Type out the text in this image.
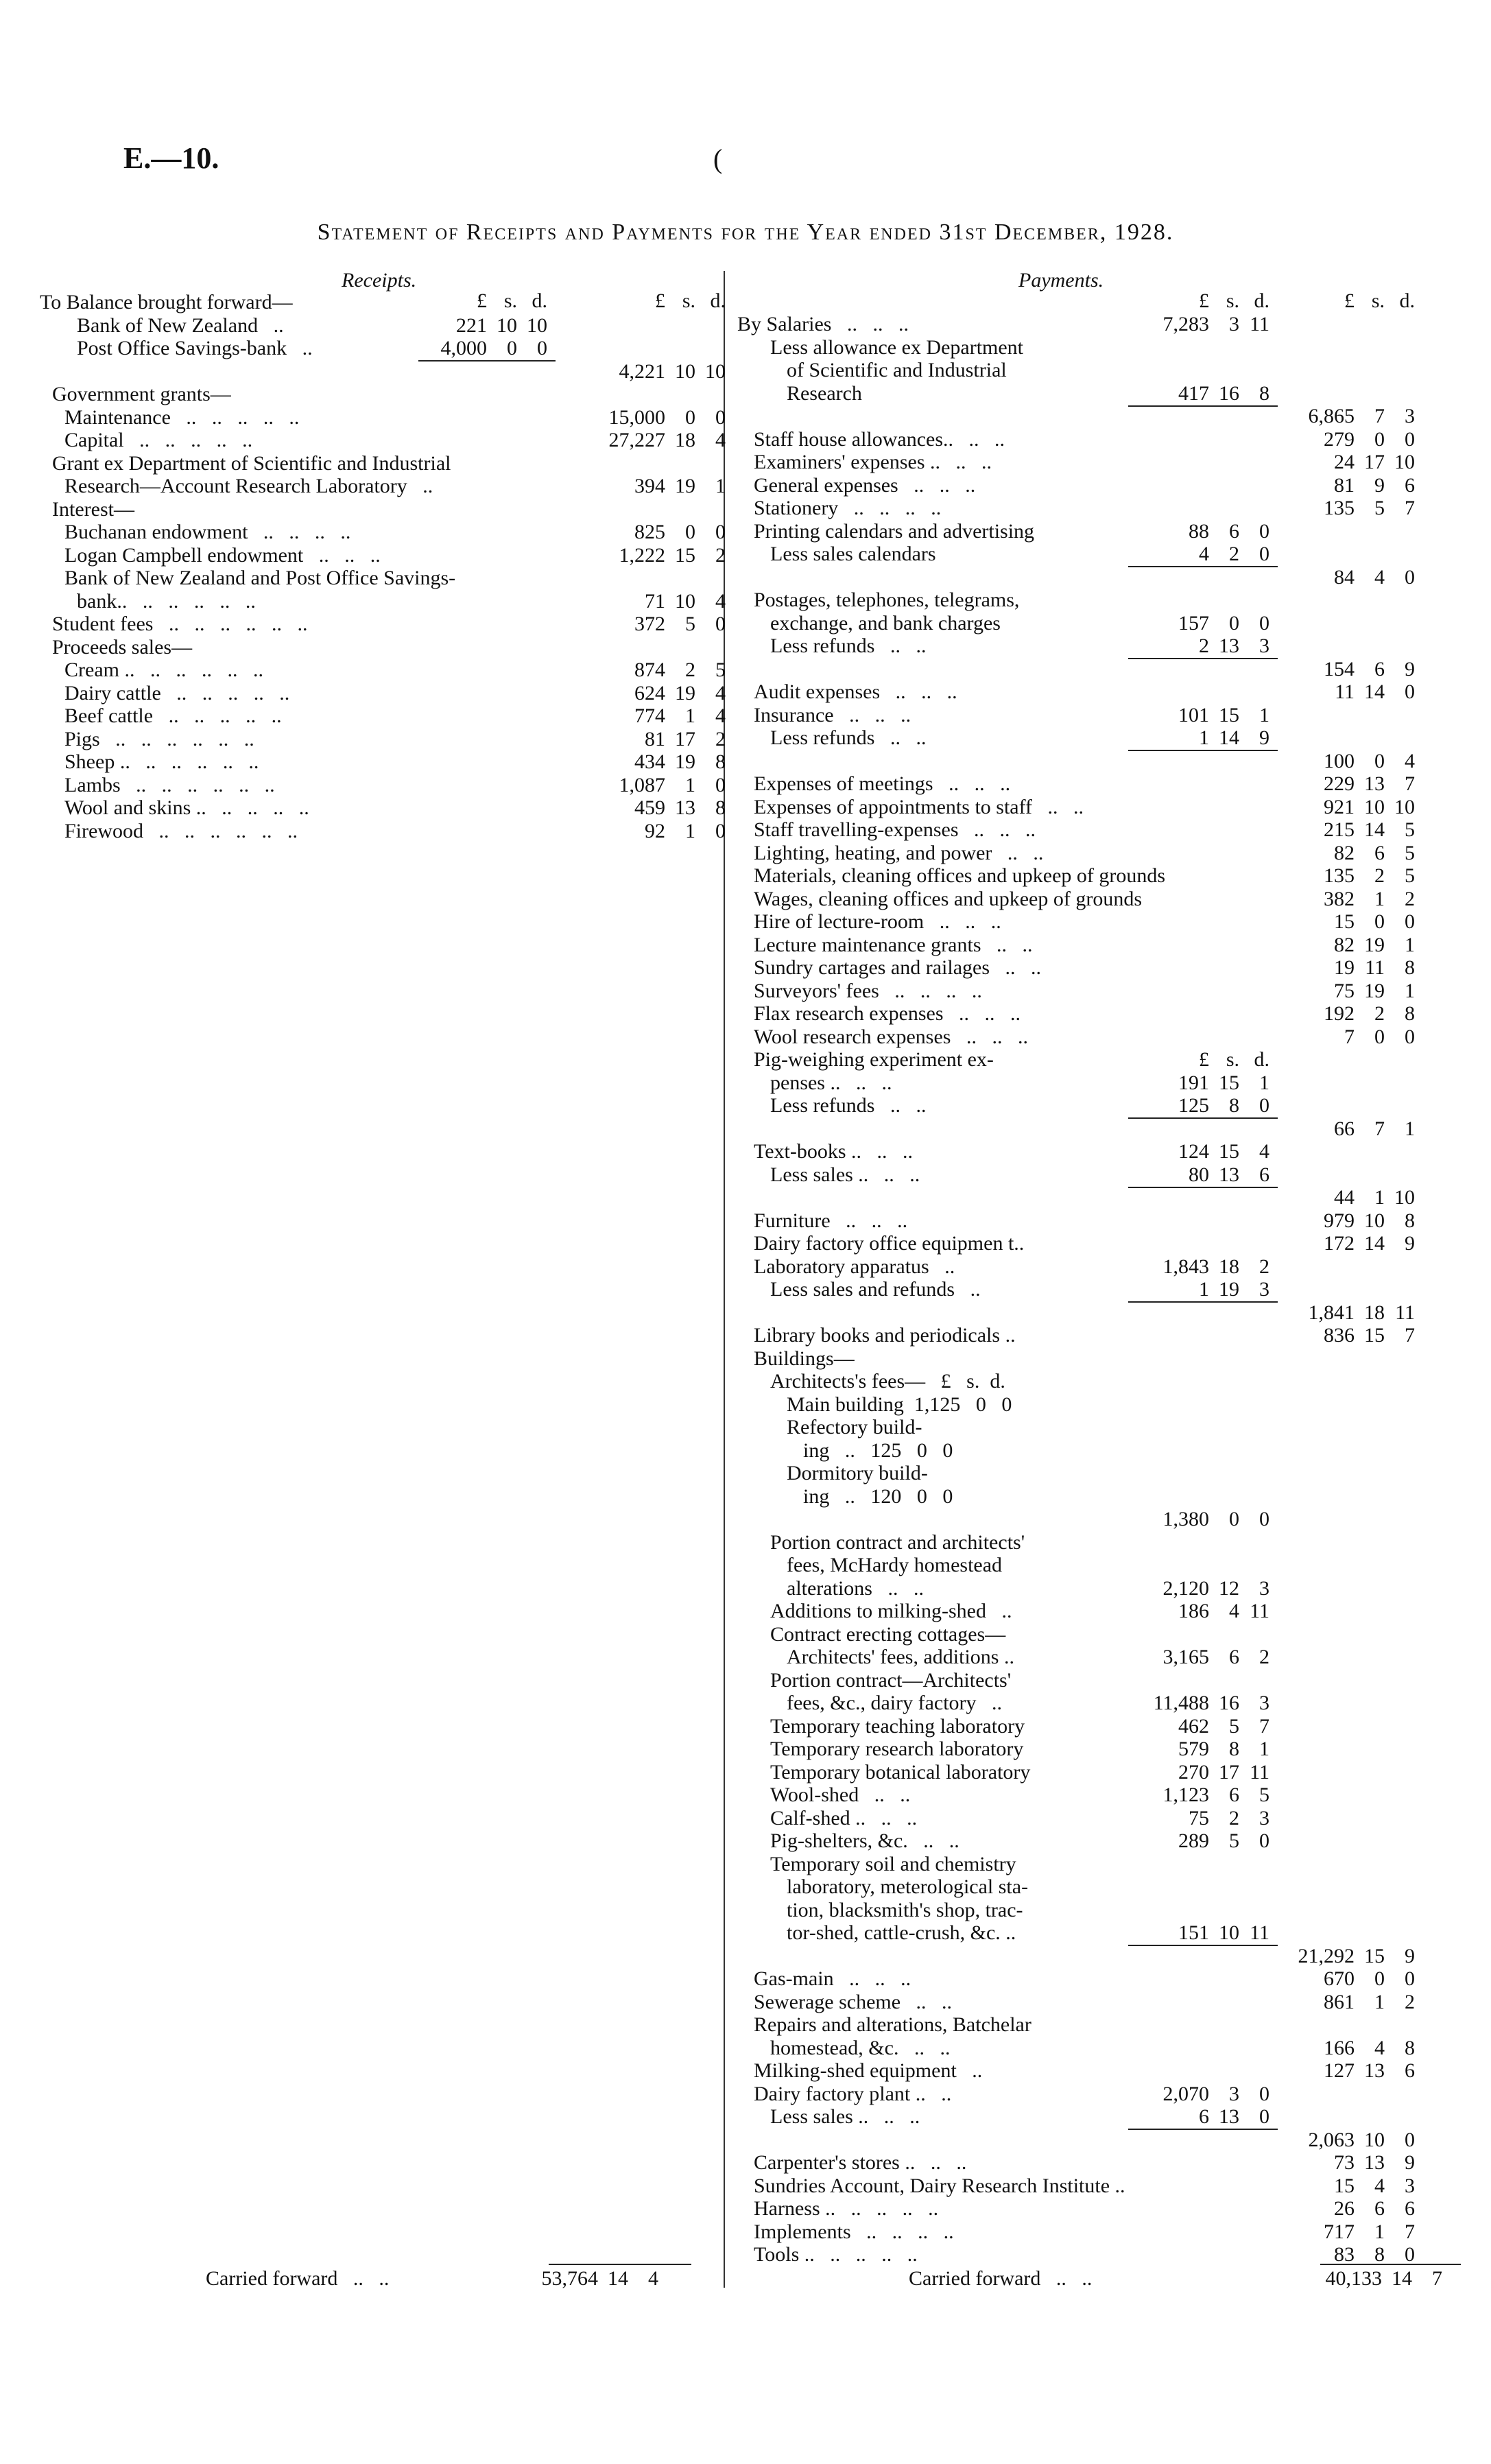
E.—10.	(
Statement of Receipts and Payments for the Year ended 31st December, 1928.
Receipts.
£ s. d.	£ s. d.
To Balance brought forward—
Bank of New Zealand   ..	221 10 10
Post Office Savings-bank   ..	4,000 0 0
4,221 10 10
Government grants—
Maintenance   ..   ..   ..   ..   ..	15,000 0 0
Capital   ..   ..   ..   ..   ..	27,227 18 4
Grant ex Department of Scientific and Industrial
Research—Account Research Laboratory   ..	394 19 1
Interest—
Buchanan endowment   ..   ..   ..   ..	825 0 0
Logan Campbell endowment   ..   ..   ..	1,222 15 2
Bank of New Zealand and Post Office Savings-
bank..   ..   ..   ..   ..   ..	71 10 4
Student fees   ..   ..   ..   ..   ..   ..	372 5 0
Proceeds sales—
Cream ..   ..   ..   ..   ..   ..	874 2 5
Dairy cattle   ..   ..   ..   ..   ..	624 19 4
Beef cattle   ..   ..   ..   ..   ..	774 1 4
Pigs   ..   ..   ..   ..   ..   ..	81 17 2
Sheep ..   ..   ..   ..   ..   ..	434 19 8
Lambs   ..   ..   ..   ..   ..   ..	1,087 1 0
Wool and skins ..   ..   ..   ..   ..	459 13 8
Firewood   ..   ..   ..   ..   ..   ..	92 1 0
Payments.
£ s. d.	£ s. d.
By Salaries   ..   ..   ..	7,283 3 11
Less allowance ex Department
of Scientific and Industrial
Research	417 16 8
6,865 7 3
Staff house allowances..   ..   ..	279 0 0
Examiners' expenses ..   ..   ..	24 17 10
General expenses   ..   ..   ..	81 9 6
Stationery   ..   ..   ..   ..	135 5 7
Printing calendars and advertising	88 6 0
Less sales calendars	4 2 0
84 4 0
Postages, telephones, telegrams,
exchange, and bank charges	157 0 0
Less refunds   ..   ..	2 13 3
154 6 9
Audit expenses   ..   ..   ..	11 14 0
Insurance   ..   ..   ..	101 15 1
Less refunds   ..   ..	1 14 9
100 0 4
Expenses of meetings   ..   ..   ..	229 13 7
Expenses of appointments to staff   ..   ..	921 10 10
Staff travelling-expenses   ..   ..   ..	215 14 5
Lighting, heating, and power   ..   ..	82 6 5
Materials, cleaning offices and upkeep of grounds	135 2 5
Wages, cleaning offices and upkeep of grounds	382 1 2
Hire of lecture-room   ..   ..   ..	15 0 0
Lecture maintenance grants   ..   ..	82 19 1
Sundry cartages and railages   ..   ..	19 11 8
Surveyors' fees   ..   ..   ..   ..	75 19 1
Flax research expenses   ..   ..   ..	192 2 8
Wool research expenses   ..   ..   ..	7 0 0
Pig-weighing experiment ex-	£ s. d.
penses ..   ..   ..	191 15 1
Less refunds   ..   ..	125 8 0
66 7 1
Text-books ..   ..   ..	124 15 4
Less sales ..   ..   ..	80 13 6
44 1 10
Furniture   ..   ..   ..	979 10 8
Dairy factory office equipmen t..	172 14 9
Laboratory apparatus   ..	1,843 18 2
Less sales and refunds   ..	1 19 3
1,841 18 11
Library books and periodicals ..	836 15 7
Buildings—
Architects's fees—   £   s.  d.
Main building  1,125   0   0
Refectory build-
ing   ..   125   0   0
Dormitory build-
ing   ..   120   0   0
1,380 0 0
Portion contract and architects'
fees, McHardy homestead
alterations   ..   ..	2,120 12 3
Additions to milking-shed   ..	186 4 11
Contract erecting cottages—
Architects' fees, additions ..	3,165 6 2
Portion contract—Architects'
fees, &c., dairy factory   ..	11,488 16 3
Temporary teaching laboratory	462 5 7
Temporary research laboratory	579 8 1
Temporary botanical laboratory	270 17 11
Wool-shed   ..   ..	1,123 6 5
Calf-shed ..   ..   ..	75 2 3
Pig-shelters, &c.   ..   ..	289 5 0
Temporary soil and chemistry
laboratory, meterological sta-
tion, blacksmith's shop, trac-
tor-shed, cattle-crush, &c. ..	151 10 11
21,292 15 9
Gas-main   ..   ..   ..	670 0 0
Sewerage scheme   ..   ..	861 1 2
Repairs and alterations, Batchelar
homestead, &c.   ..   ..	166 4 8
Milking-shed equipment   ..	127 13 6
Dairy factory plant ..   ..	2,070 3 0
Less sales ..   ..   ..	6 13 0
2,063 10 0
Carpenter's stores ..   ..   ..	73 13 9
Sundries Account, Dairy Research Institute ..	15 4 3
Harness ..   ..   ..   ..   ..	26 6 6
Implements   ..   ..   ..   ..	717 1 7
Tools ..   ..   ..   ..   ..	83 8 0
Carried forward   ..   ..	53,764 14 4	Carried forward   ..   ..	40,133 14 7
